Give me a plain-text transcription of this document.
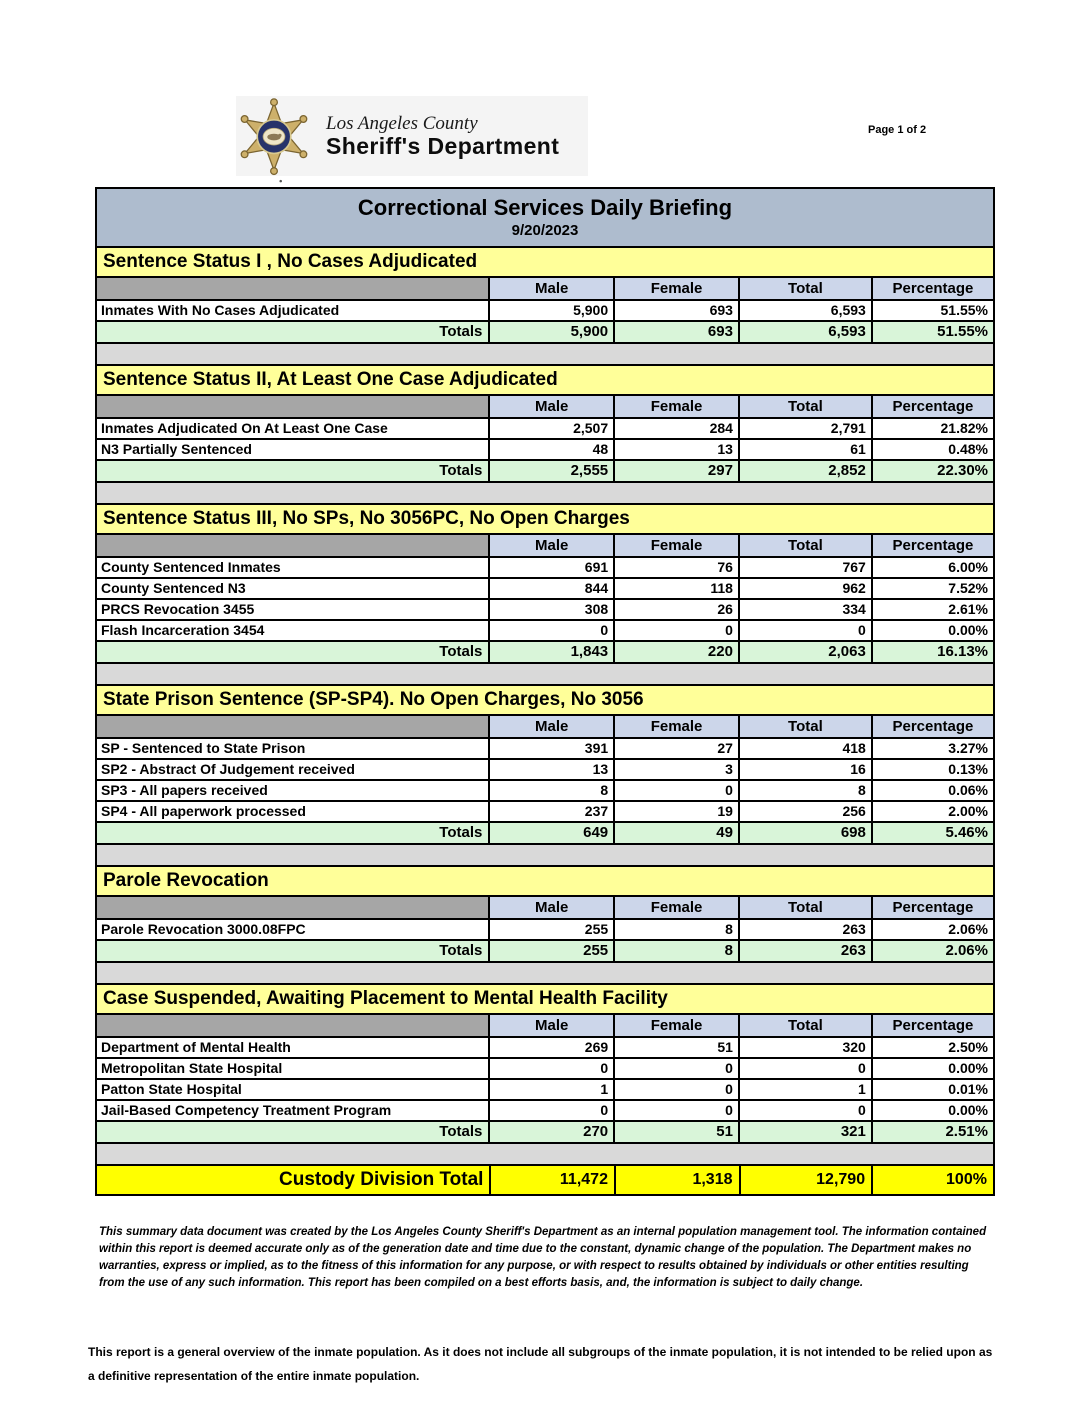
Los Angeles County
Sheriff's Department
Page 1 of 2
Correctional Services Daily Briefing
9/20/2023
Sentence Status I , No Cases Adjudicated				
	Male	Female	Total	Percentage
Inmates With No Cases Adjudicated	5,900	693	6,593	51.55%
Totals	5,900	693	6,593	51.55%
Sentence Status II, At Least One Case Adjudicated				
	Male	Female	Total	Percentage
Inmates Adjudicated On At Least One Case	2,507	284	2,791	21.82%
N3 Partially Sentenced	48	13	61	0.48%
Totals	2,555	297	2,852	22.30%
Sentence Status III, No SPs, No 3056PC, No Open Charges				
	Male	Female	Total	Percentage
County Sentenced Inmates	691	76	767	6.00%
County Sentenced N3	844	118	962	7.52%
PRCS Revocation 3455	308	26	334	2.61%
Flash Incarceration 3454	0	0	0	0.00%
Totals	1,843	220	2,063	16.13%
State Prison Sentence (SP-SP4). No Open Charges, No 3056				
	Male	Female	Total	Percentage
SP - Sentenced to State Prison	391	27	418	3.27%
SP2 - Abstract Of Judgement received	13	3	16	0.13%
SP3 - All papers received	8	0	8	0.06%
SP4 - All paperwork processed	237	19	256	2.00%
Totals	649	49	698	5.46%
Parole Revocation				
	Male	Female	Total	Percentage
Parole Revocation 3000.08FPC	255	8	263	2.06%
Totals	255	8	263	2.06%
Case Suspended, Awaiting Placement to Mental Health Facility				
	Male	Female	Total	Percentage
Department of Mental Health	269	51	320	2.50%
Metropolitan State Hospital	0	0	0	0.00%
Patton State Hospital	1	0	1	0.01%
Jail-Based Competency Treatment Program	0	0	0	0.00%
Totals	270	51	321	2.51%
Custody Division Total	11,472	1,318	12,790	100%

This summary data document was created by the Los Angeles County Sheriff's Department as an internal population management tool. The information contained within this report is deemed accurate only as of the generation date and time due to the constant, dynamic change of the population. The Department makes no warranties, express or implied, as to the fitness of this information for any purpose, or with respect to results obtained by individuals or other entities resulting from the use of any such information. This report has been compiled on a best efforts basis, and, the information is subject to daily change.

This report is a general overview of the inmate population. As it does not include all subgroups of the inmate population, it is not intended to be relied upon as a definitive representation of the entire inmate population.
